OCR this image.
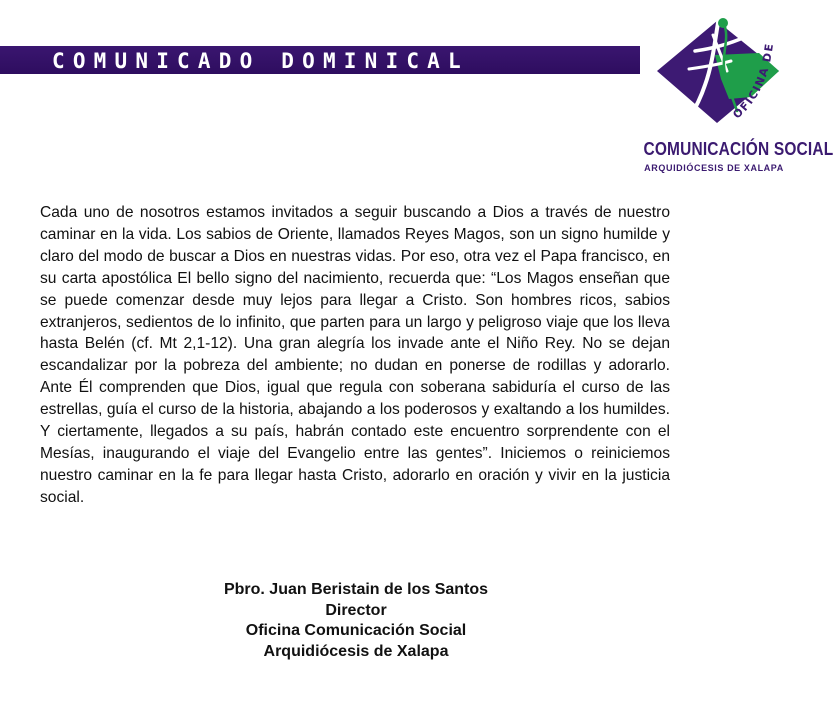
COMUNICADO DOMINICAL
OFICINA DE
COMUNICACIÓN SOCIAL
ARQUIDIÓCESIS DE XALAPA

Cada uno de nosotros estamos invitados a seguir buscando a Dios a través de nuestro caminar en la vida. Los sabios de Oriente, llamados Reyes Magos, son un signo humilde y claro del modo de buscar a Dios en nuestras vidas. Por eso, otra vez el Papa francisco, en su carta apostólica El bello signo del nacimiento, recuerda que: “Los Magos enseñan que se puede comenzar desde muy lejos para llegar a Cristo. Son hombres ricos, sabios extranjeros, sedientos de lo infinito, que parten para un largo y peligroso viaje que los lleva hasta Belén (cf. Mt 2,1-12). Una gran alegría los invade ante el Niño Rey. No se dejan escandalizar por la pobreza del ambiente; no dudan en ponerse de rodillas y adorarlo. Ante Él comprenden que Dios, igual que regula con soberana sabiduría el curso de las estrellas, guía el curso de la historia, abajando a los poderosos y exaltando a los humildes. Y ciertamente, llegados a su país, habrán contado este encuentro sorprendente con el Mesías, inaugurando el viaje del Evangelio entre las gentes”. Iniciemos o reiniciemos nuestro caminar en la fe para llegar hasta Cristo, adorarlo en oración y vivir en la justicia social.

Pbro. Juan Beristain de los Santos
Director
Oficina Comunicación Social
Arquidiócesis de Xalapa
